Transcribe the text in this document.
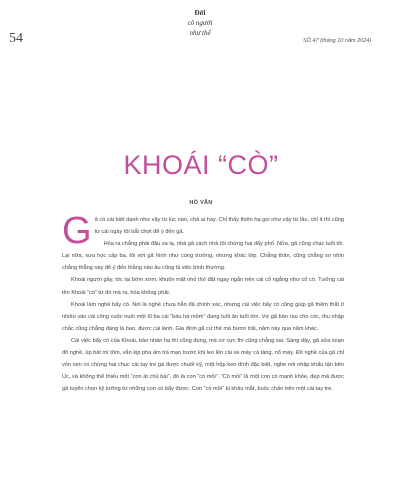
54
Đời
cô người
như thế
SỐ 47 (tháng 10 năm 2024)
KHOÁI “CÒ”
HỒ VĂN

Gã có cái biệt danh như vậy từ lúc nào, chả ai hay. Chỉ thấy thiên hạ gọi như vậy từ lâu, chỉ ít thì cũng từ cái ngày tôi bắt chợt để ý đến gã.

Hóa ra chẳng phải đâu xa lạ, nhà gã cách nhà tôi chừng hai dãy phố. Nửa, gã cũng chạc tuổi tôi. Lại nữa, xưa học cấp ba, tôi với gã hình như cùng trường, nhưng khác lớp. Chẳng thân, cũng chẳng so nhìn chẳng thẳng này để ý đến thằng nào âu cũng là việc bình thường.

Khoái người gầy, tóc lại bờm xờm, khuôn mặt nhỏ thó đặt ngay ngắn trên cái cổ ngẳng như cổ cò. Tưởng cái tên Khoái “cò” từ đó mà ra, hóa không phải.

Khoái làm nghề bẩy cò. Nói là nghề chưa hẳn đã chính xác, nhưng cái việc bẩy cò cũng giúp gã thêm thắt ít nhiều vào cái công cuộc nuôi một lũ ba cái “bàu há mồm” đang tuổi ăn tuổi lớn. Vợ gã bán rau cho cóc, thu nhập chắc cũng chẳng đáng là bao, được cái lành. Gia đình gã cứ thế mà bươn trải, năm này qua năm khác.

Cái việc bẩy cò của Khoái, bảo nhàn hạ thì cũng đúng, mà cơ cực thì cũng chẳng sai. Sáng dậy, gã sửa soạn đồ nghề, úp bát mì tôm, vắn kịp pha ấm trà mạn trước khi leo lên cái xe máy cà tàng, nổ máy. Đồ nghề của gã chỉ vỏn vẹn có chừng hai chục cái tay tre gá được chuốt kỹ, một hộp keo dính đặc biệt, nghe nói nhập khẩu tận bên Úc, và không thể thiếu một “con át chủ bài”, đó là con “cò mồi”. “Cò mồi” là một con cò mạnh khỏe, đẹp mã được gã tuyển chọn kỹ lưỡng từ những con cò bẩy được. Con “cò mồi” bị khâu mắt, buộc chân trên một cái tay tre.
